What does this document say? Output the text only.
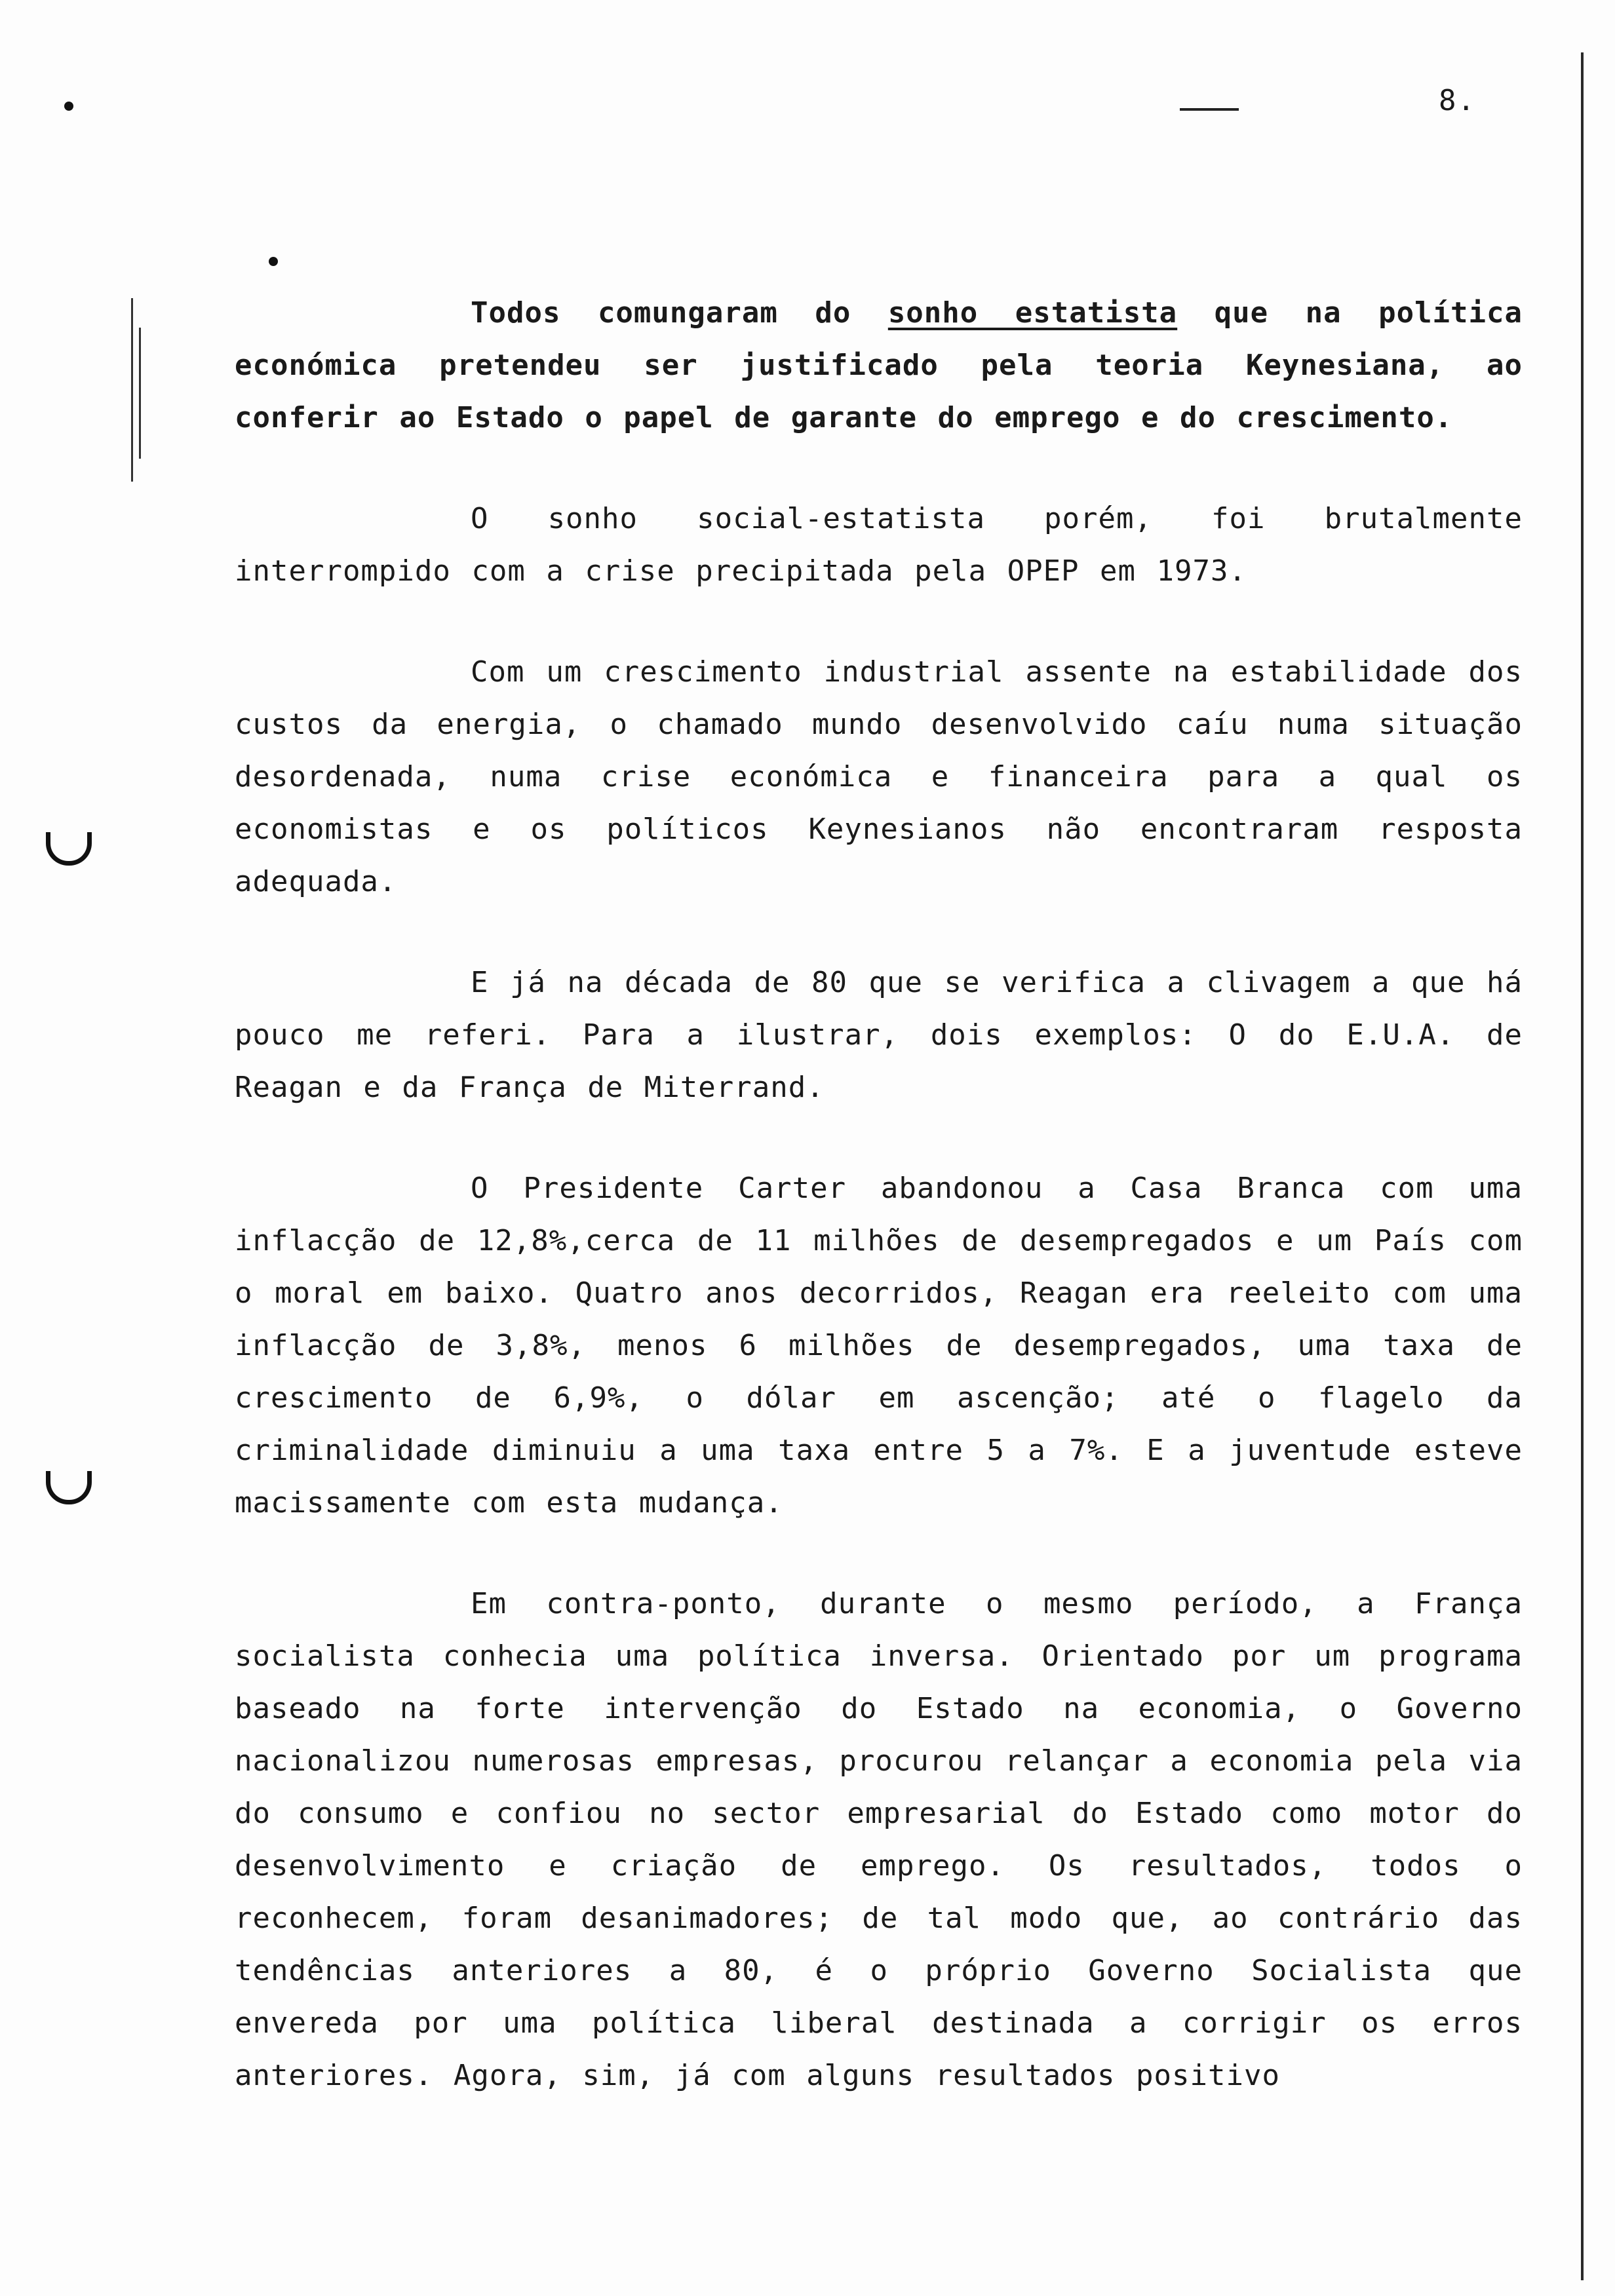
8.

Todos comungaram do sonho estatista que na política económica pretendeu ser justificado pela teoria Keynesiana, ao conferir ao Estado o papel de garante do emprego e do crescimento.

O sonho social-estatista porém, foi brutalmente interrompido com a crise precipitada pela OPEP em 1973.

Com um crescimento industrial assente na estabilidade dos custos da energia, o chamado mundo desenvolvido caíu numa situação desordenada, numa crise económica e financeira para a qual os economistas e os políticos Keynesianos não encontraram resposta adequada.

E já na década de 80 que se verifica a clivagem a que há pouco me referi. Para a ilustrar, dois exemplos: O do E.U.A. de Reagan e da França de Miterrand.

O Presidente Carter abandonou a Casa Branca com uma inflacção de 12,8%,cerca de 11 milhões de desempregados e um País com o moral em baixo. Quatro anos decorridos, Reagan era reeleito com uma inflacção de 3,8%, menos 6 milhões de desempregados, uma taxa de crescimento de 6,9%, o dólar em ascenção; até o flagelo da criminalidade diminuiu a uma taxa entre 5 a 7%. E a juventude esteve macissamente com esta mudança.

Em contra-ponto, durante o mesmo período, a França socialista conhecia uma política inversa. Orientado por um programa baseado na forte intervenção do Estado na economia, o Governo nacionalizou numerosas empresas, procurou relançar a economia pela via do consumo e confiou no sector empresarial do Estado como motor do desenvolvimento e criação de emprego. Os resultados, todos o reconhecem, foram desanimadores; de tal modo que, ao contrário das tendências anteriores a 80, é o próprio Governo Socialista que envereda por uma política liberal destinada a corrigir os erros anteriores. Agora, sim, já com alguns resultados positivo
